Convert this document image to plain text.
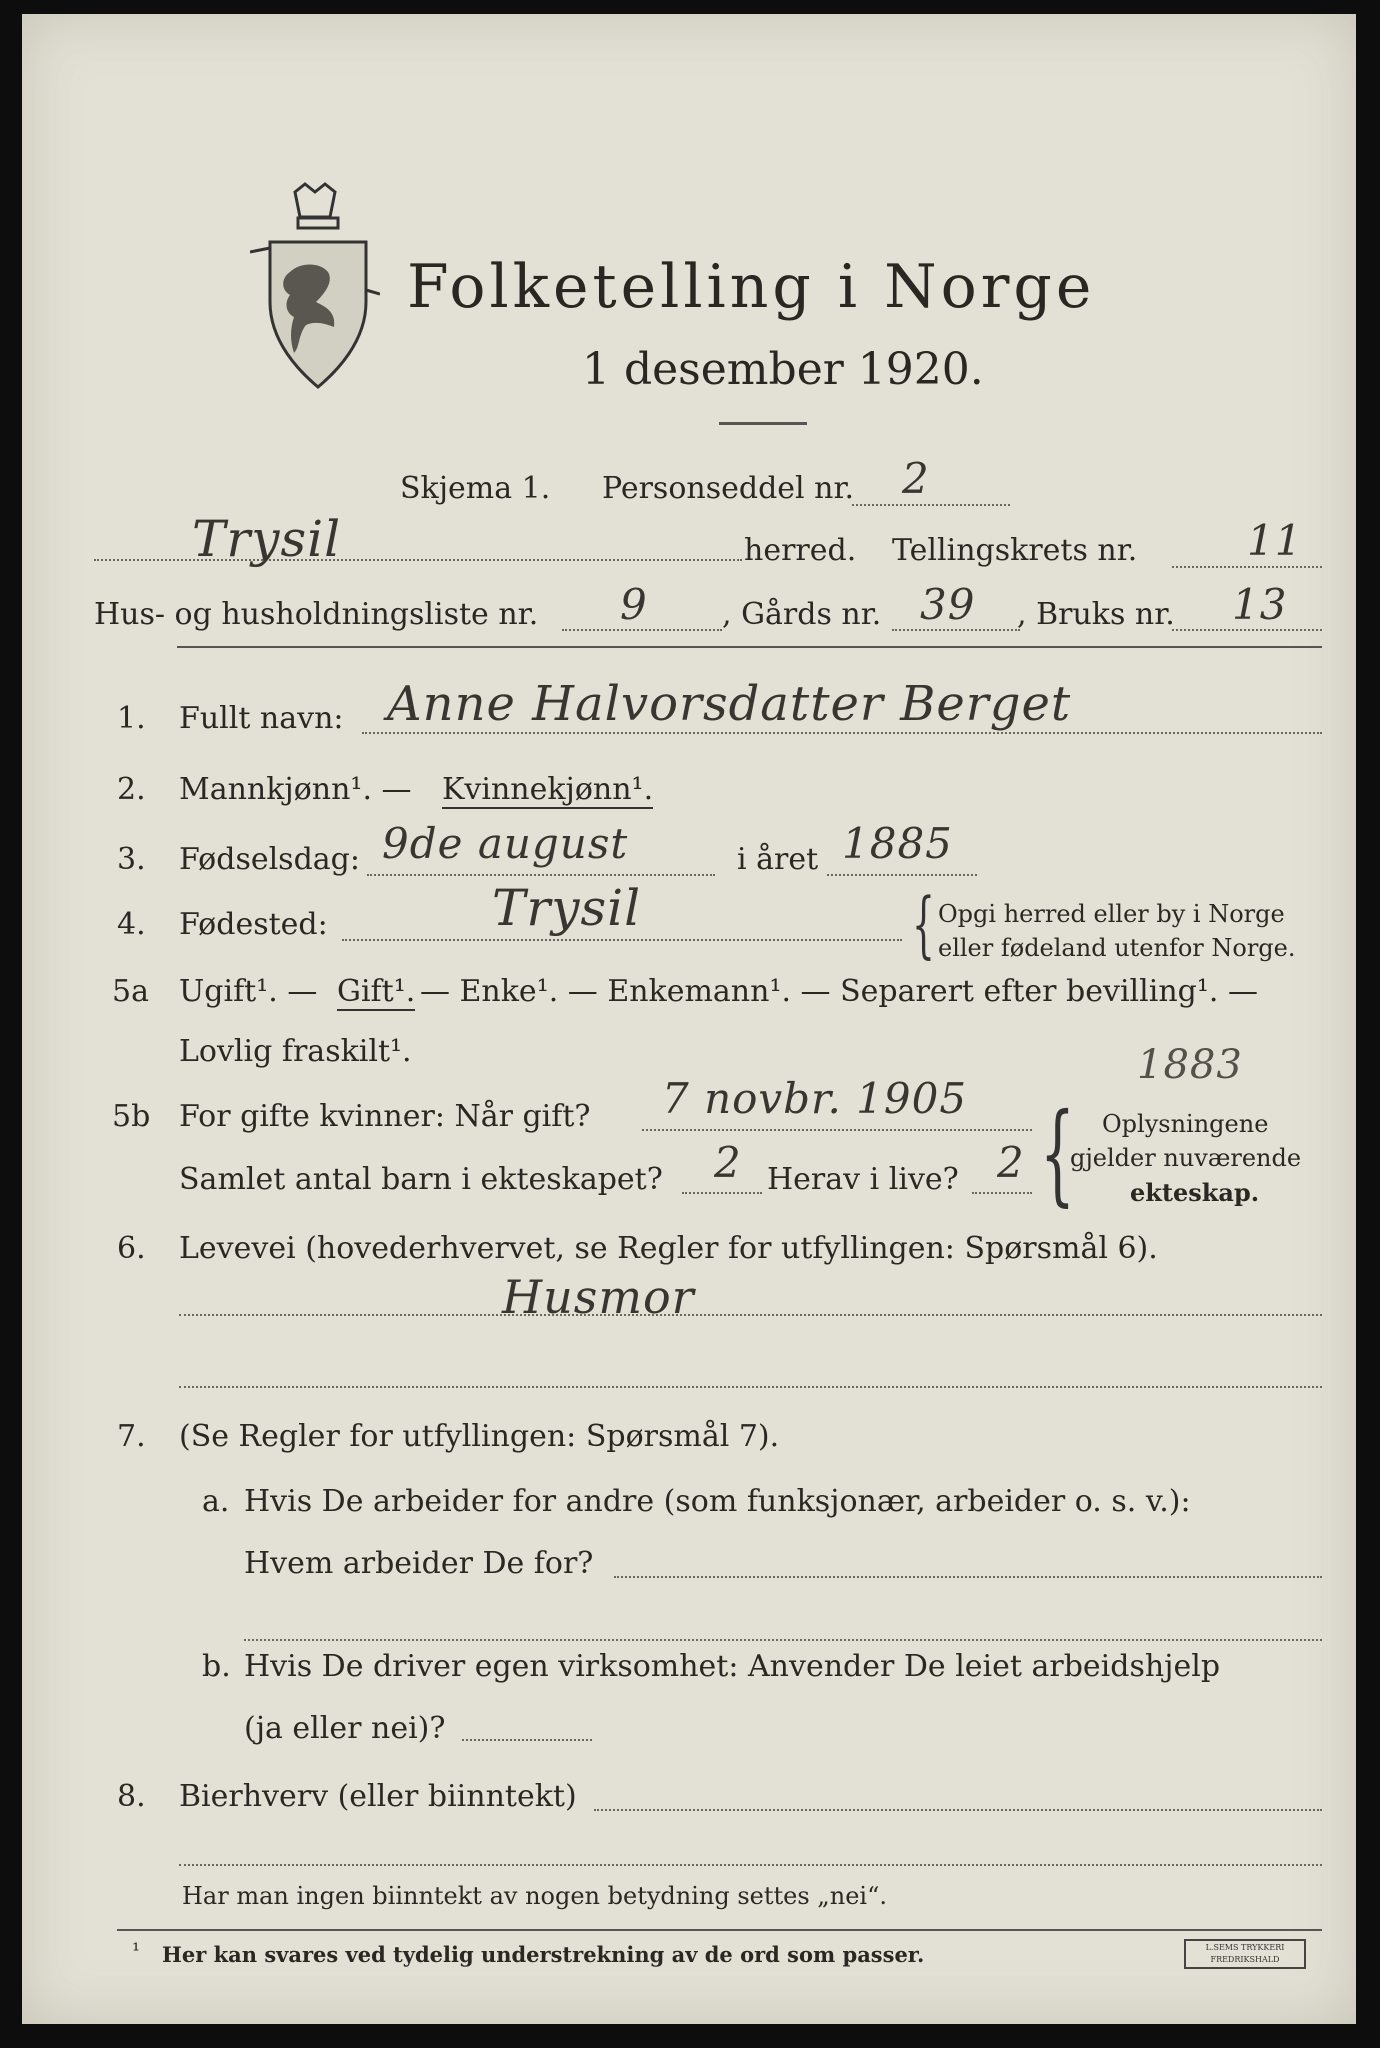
Folketelling i Norge
1 desember 1920.
Skjema 1. Personseddel nr. 2
Trysil	herred. Tellingskrets nr.	11
Hus- og husholdningsliste nr. 9 , Gårds nr. 39 , Bruks nr. 13
1. Fullt navn: Anne Halvorsdatter Berget
2. Mannkjønn¹. — Kvinnekjønn¹.
3. Fødselsdag: 9de august	i året 1885
4. Fødested:	Trysil	{ Opgi herred eller by i Norge
eller fødeland utenfor Norge.
5a Ugift¹. — Gift¹. — Enke¹. — Enkemann¹. — Separert efter bevilling¹. —
Lovlig fraskilt¹.
5b For gifte kvinner: Når gift? 7 novbr. 1905
1883
Samlet antal barn i ekteskapet? 2 Herav i live? 2 { Oplysningene
gjelder nuværende
ekteskap.
6. Levevei (hovederhvervet, se Regler for utfyllingen: Spørsmål 6).
Husmor
7. (Se Regler for utfyllingen: Spørsmål 7).
a. Hvis De arbeider for andre (som funksjonær, arbeider o. s. v.):
Hvem arbeider De for?
b. Hvis De driver egen virksomhet: Anvender De leiet arbeidshjelp
(ja eller nei)?
8. Bierhverv (eller biinntekt)
Har man ingen biinntekt av nogen betydning settes „nei“.
¹ Her kan svares ved tydelig understrekning av de ord som passer.	L.SEMS TRYKKERI FREDRIKSHALD
